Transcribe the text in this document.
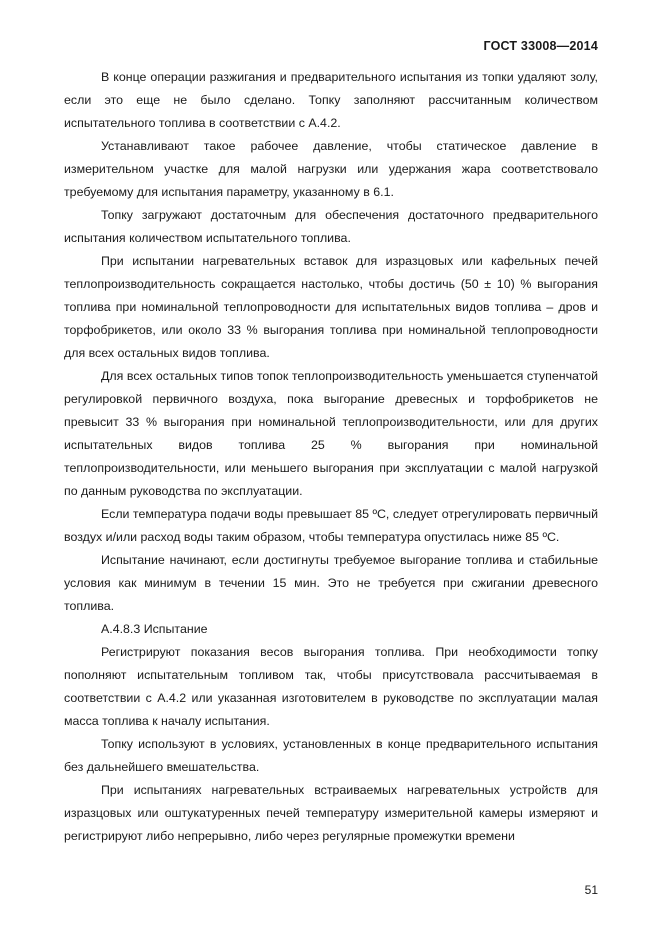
ГОСТ 33008—2014

В конце операции разжигания и предварительного испытания из топки удаляют золу, если это еще не было сделано. Топку заполняют рассчитанным количеством испытательного топлива в соответствии с А.4.2.

Устанавливают такое рабочее давление, чтобы статическое давление в измерительном участке для малой нагрузки или удержания жара соответствовало требуемому для испытания параметру, указанному в 6.1.

Топку загружают достаточным для обеспечения достаточного предварительного испытания количеством испытательного топлива.

При испытании нагревательных вставок для изразцовых или кафельных печей теплопроизводительность сокращается настолько, чтобы достичь (50 ± 10) % выгорания топлива при номинальной теплопроводности для испытательных видов топлива – дров и торфобрикетов, или около 33 % выгорания топлива при номинальной теплопроводности для всех остальных видов топлива.

Для всех остальных типов топок теплопроизводительность уменьшается ступенчатой регулировкой первичного воздуха, пока выгорание древесных и торфобрикетов не превысит 33 % выгорания при номинальной теплопроизводительности, или для других испытательных видов топлива 25 % выгорания при номинальной теплопроизводительности, или меньшего выгорания при эксплуатации с малой нагрузкой по данным руководства по эксплуатации.

Если температура подачи воды превышает 85 ºС, следует отрегулировать первичный воздух и/или расход воды таким образом, чтобы температура опустилась ниже 85 ºС.

Испытание начинают, если достигнуты требуемое выгорание топлива и стабильные условия как минимум в течении 15 мин. Это не требуется при сжигании древесного топлива.

А.4.8.3 Испытание

Регистрируют показания весов выгорания топлива. При необходимости топку пополняют испытательным топливом так, чтобы присутствовала рассчитываемая в соответствии с А.4.2 или указанная изготовителем в руководстве по эксплуатации малая масса топлива к началу испытания.

Топку используют в условиях, установленных в конце предварительного испытания без дальнейшего вмешательства.

При испытаниях нагревательных встраиваемых нагревательных устройств для изразцовых или оштукатуренных печей температуру измерительной камеры измеряют и регистрируют либо непрерывно, либо через регулярные промежутки времени

51
